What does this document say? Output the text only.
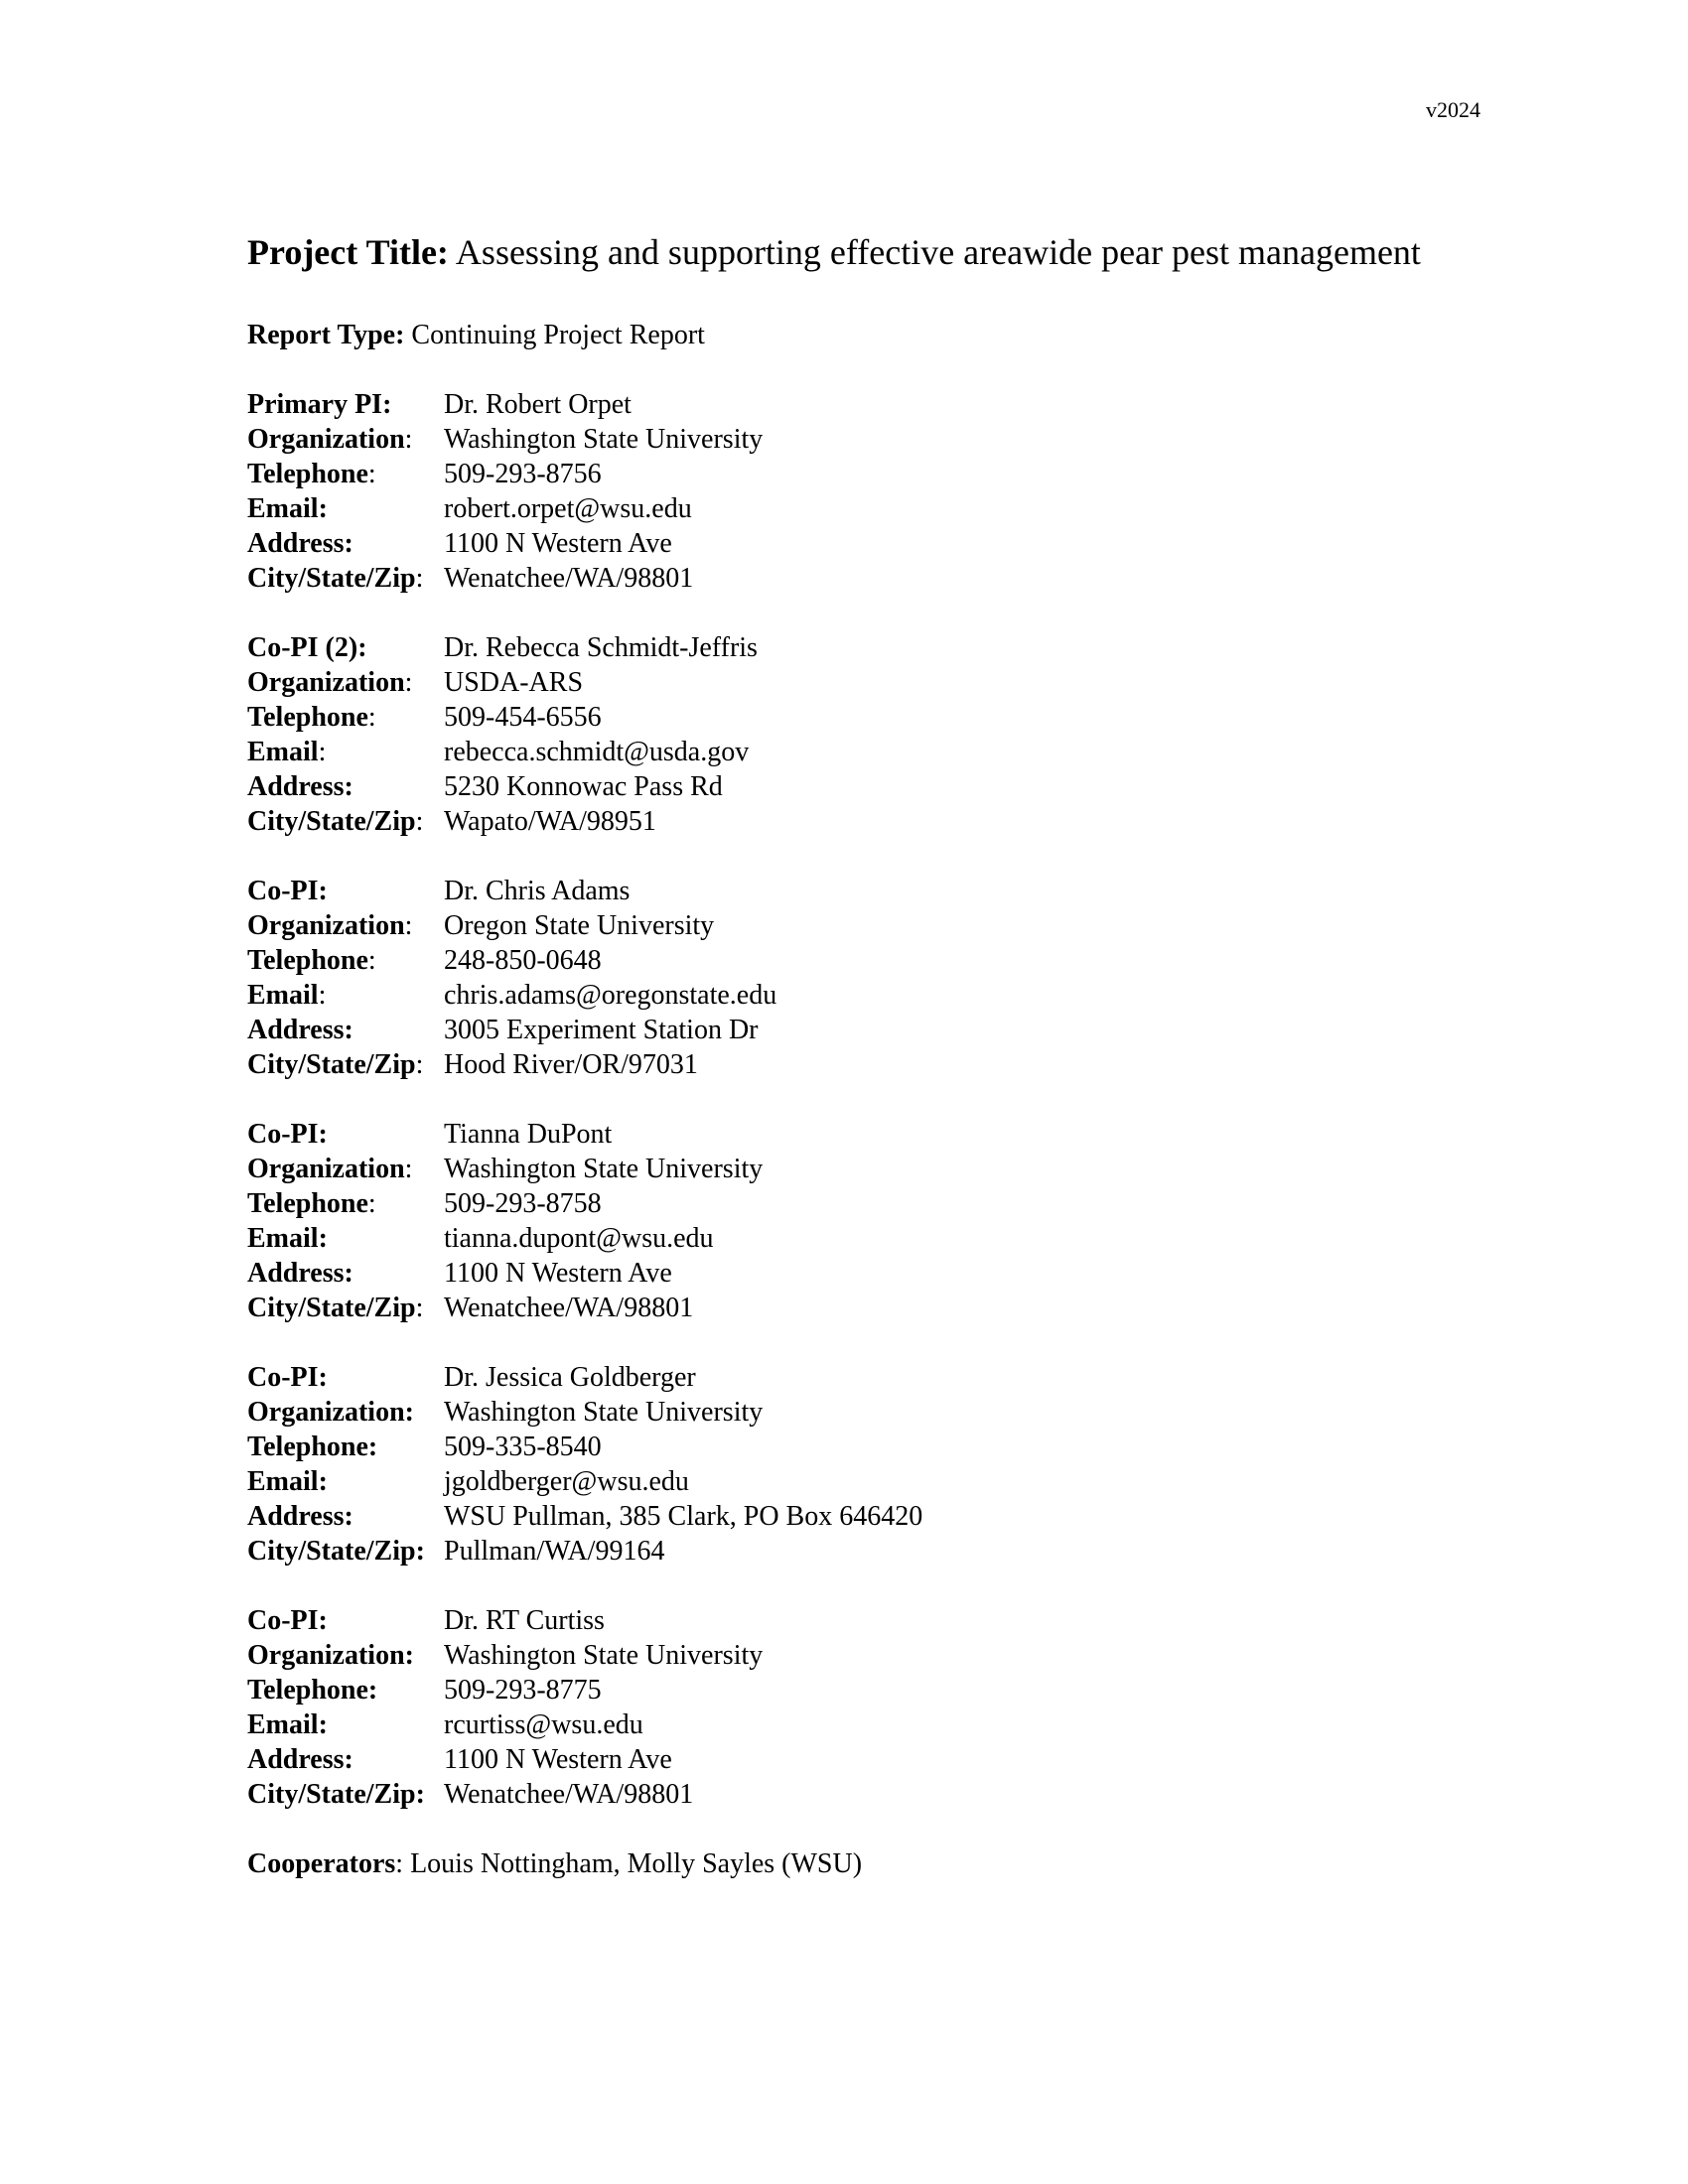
v2024
Project Title: Assessing and supporting effective areawide pear pest management
Report Type: Continuing Project Report
Primary PI:	Dr. Robert Orpet
Organization:	Washington State University
Telephone:	509-293-8756
Email:	robert.orpet@wsu.edu
Address:	1100 N Western Ave
City/State/Zip: Wenatchee/WA/98801
Co-PI (2):	Dr. Rebecca Schmidt-Jeffris
Organization:	USDA-ARS
Telephone:	509-454-6556
Email:	rebecca.schmidt@usda.gov
Address:	5230 Konnowac Pass Rd
City/State/Zip: Wapato/WA/98951
Co-PI:	Dr. Chris Adams
Organization:	Oregon State University
Telephone:	248-850-0648
Email:	chris.adams@oregonstate.edu
Address:	3005 Experiment Station Dr
City/State/Zip: Hood River/OR/97031
Co-PI:	Tianna DuPont
Organization:	Washington State University
Telephone:	509-293-8758
Email:	tianna.dupont@wsu.edu
Address:	1100 N Western Ave
City/State/Zip: Wenatchee/WA/98801
Co-PI:	Dr. Jessica Goldberger
Organization:	Washington State University
Telephone:	509-335-8540
Email:	jgoldberger@wsu.edu
Address:	WSU Pullman, 385 Clark, PO Box 646420
City/State/Zip: Pullman/WA/99164
Co-PI:	Dr. RT Curtiss
Organization:	Washington State University
Telephone:	509-293-8775
Email:	rcurtiss@wsu.edu
Address:	1100 N Western Ave
City/State/Zip: Wenatchee/WA/98801
Cooperators: Louis Nottingham, Molly Sayles (WSU)
